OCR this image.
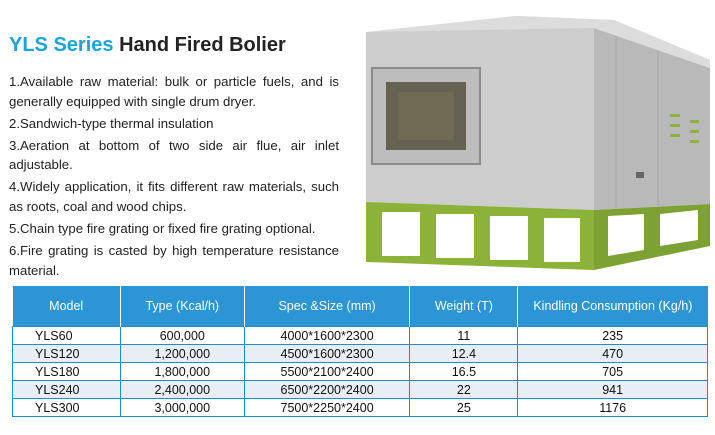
YLS Series Hand Fired Bolier
1.Available raw material: bulk or particle fuels, and is generally equipped with single drum dryer.
2.Sandwich-type thermal insulation
3.Aeration at bottom of two side air flue, air inlet adjustable.
4.Widely application, it fits different raw materials, such as roots, coal and wood chips.
5.Chain type fire grating or fixed fire grating optional.
6.Fire grating is casted by high temperature resistance material.
Model	Type (Kcal/h)	Spec &Size (mm)	Weight (T)	Kindling Consumption (Kg/h)
YLS60	600,000	4000*1600*2300	11	235
YLS120	1,200,000	4500*1600*2300	12.4	470
YLS180	1,800,000	5500*2100*2400	16.5	705
YLS240	2,400,000	6500*2200*2400	22	941
YLS300	3,000,000	7500*2250*2400	25	1176
